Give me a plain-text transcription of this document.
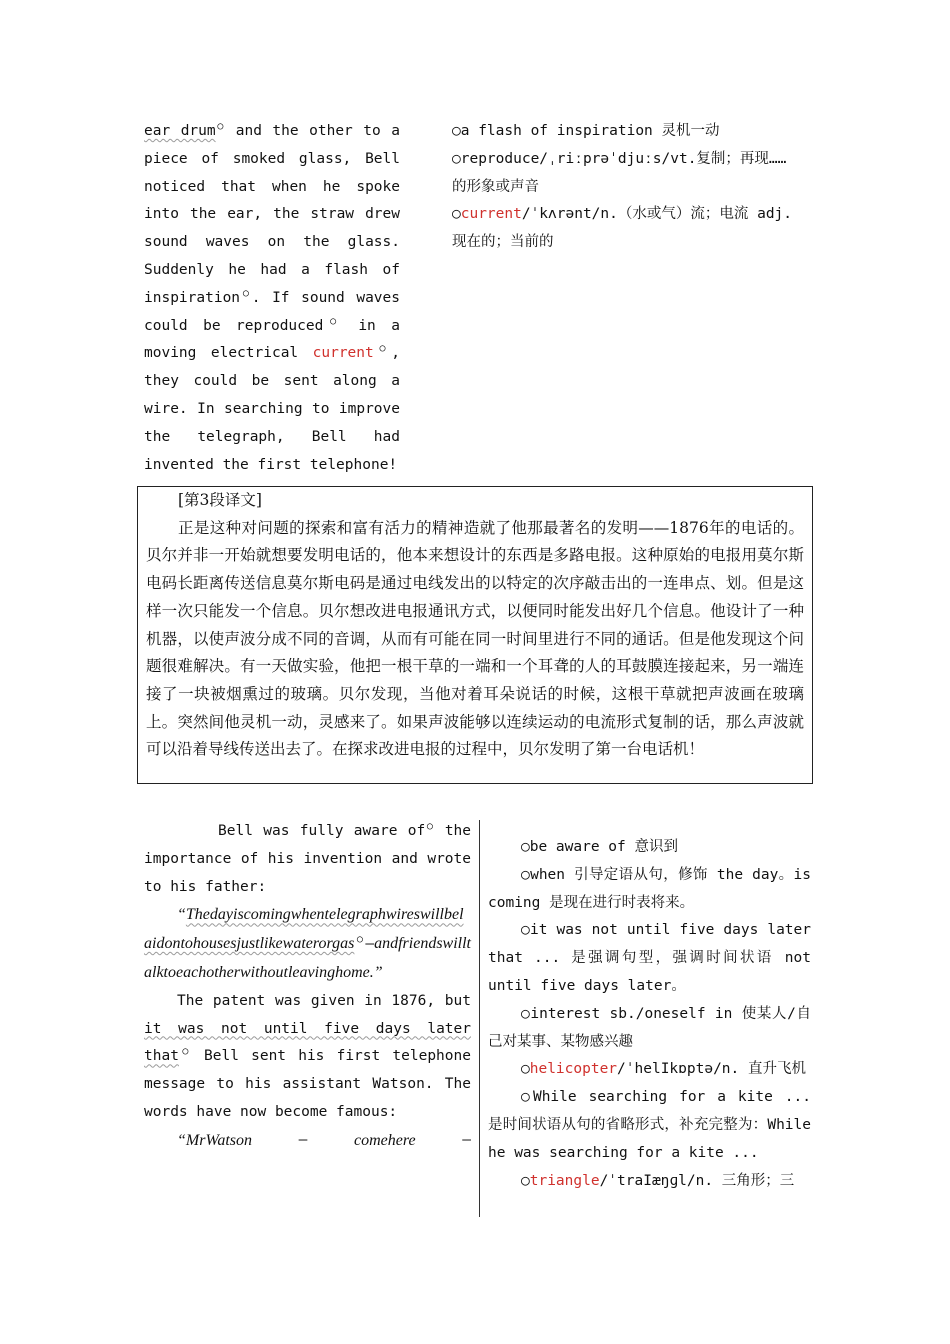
ear drum○ and the other to a piece of smoked glass, Bell noticed that when he spoke into the ear, the straw drew sound waves on the glass. Suddenly he had a flash of inspiration○. If sound waves could be reproduced○ in a moving electrical current○, they could be sent along a wire. In searching to improve the telegraph, Bell had invented the first telephone!

○a flash of inspiration 灵机一动

○reproduce/ˌriːprəˈdjuːs/vt.复制；再现……的形象或声音

○current/ˈkʌrənt/n.（水或气）流；电流 adj.现在的；当前的

[第3段译文]

正是这种对问题的探索和富有活力的精神造就了他那最著名的发明——1876年的电话的。贝尔并非一开始就想要发明电话的，他本来想设计的东西是多路电报。这种原始的电报用莫尔斯电码长距离传送信息莫尔斯电码是通过电线发出的以特定的次序敲击出的一连串点、划。但是这样一次只能发一个信息。贝尔想改进电报通讯方式，以便同时能发出好几个信息。他设计了一种机器，以使声波分成不同的音调，从而有可能在同一时间里进行不同的通话。但是他发现这个问题很难解决。有一天做实验，他把一根干草的一端和一个耳聋的人的耳鼓膜连接起来，另一端连接了一块被烟熏过的玻璃。贝尔发现，当他对着耳朵说话的时候，这根干草就把声波画在玻璃上。突然间他灵机一动，灵感来了。如果声波能够以连续运动的电流形式复制的话，那么声波就可以沿着导线传送出去了。在探求改进电报的过程中，贝尔发明了第一台电话机！

Bell was fully aware of○ the importance of his invention and wrote to his father:

“Thedayiscomingwhentelegraphwireswillbelaidontohousesjustlikewaterorgas○—andfriendswilltalktoeachotherwithoutleavinghome.”

The patent was given in 1876, but it was not until five days later that○ Bell sent his first telephone message to his assistant Watson. The words have now become famous:

“MrWatson	—	comehere	—

○be aware of 意识到

○when 引导定语从句，修饰 the day。is coming 是现在进行时表将来。

○it was not until five days later that ... 是强调句型，强调时间状语 not until five days later。

○interest sb./oneself in 使某人/自己对某事、某物感兴趣

○helicopter/ˈhelIkɒptə/n. 直升飞机

○While searching for a kite ... 是时间状语从句的省略形式，补充完整为：While he was searching for a kite ...

○triangle/ˈtraIæŋɡl/n. 三角形；三
